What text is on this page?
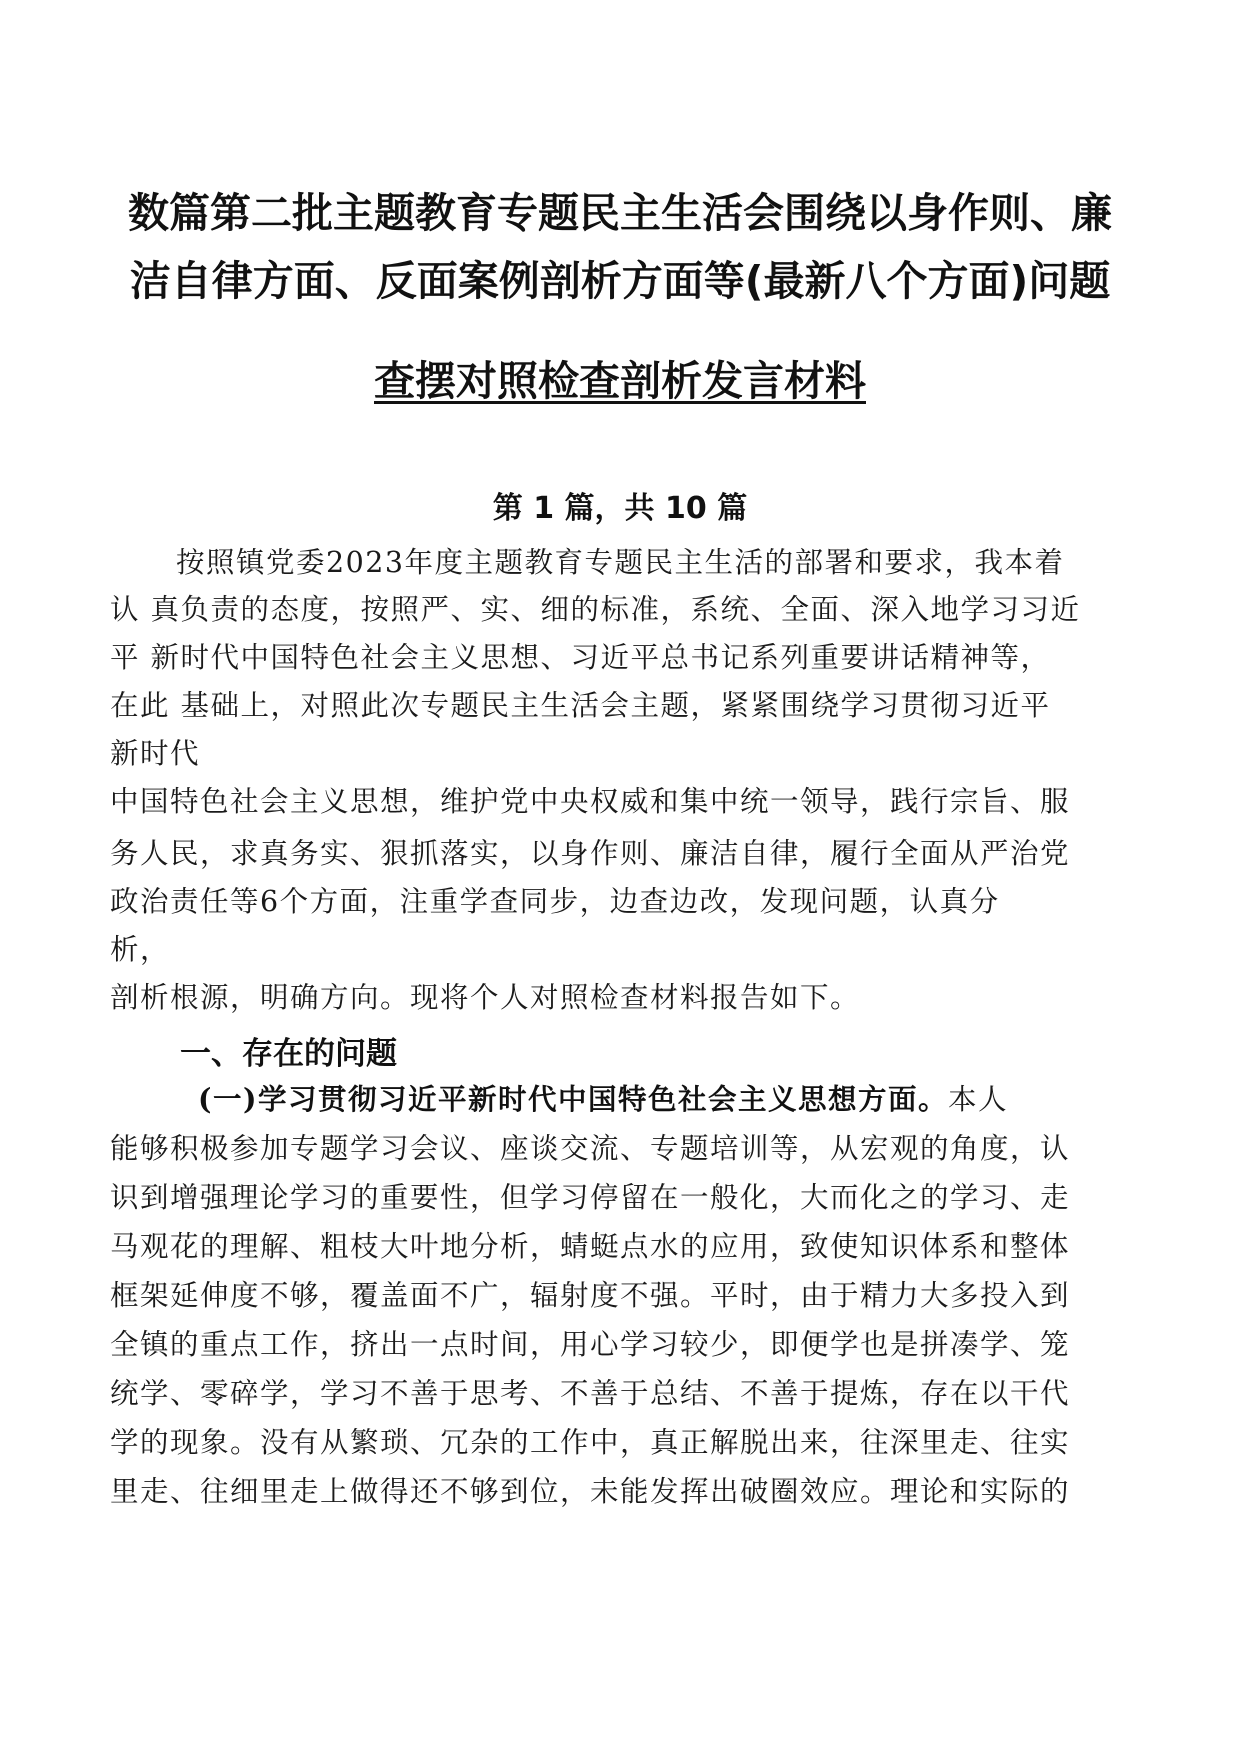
数篇第二批主题教育专题民主生活会围绕以身作则、廉
洁自律方面、反面案例剖析方面等(最新八个方面)问题
查摆对照检查剖析发言材料
第 1 篇，共 10 篇
按照镇党委2023年度主题教育专题民主生活的部署和要求，我本着
认 真负责的态度，按照严、实、细的标准，系统、全面、深入地学习习近
平 新时代中国特色社会主义思想、习近平总书记系列重要讲话精神等，
在此 基础上，对照此次专题民主生活会主题，紧紧围绕学习贯彻习近平
新时代
中国特色社会主义思想，维护党中央权威和集中统一领导，践行宗旨、服
务人民，求真务实、狠抓落实，以身作则、廉洁自律，履行全面从严治党
政治责任等6个方面，注重学查同步，边查边改，发现问题，认真分
析，
剖析根源，明确方向。现将个人对照检查材料报告如下。
一、存在的问题
(一)学习贯彻习近平新时代中国特色社会主义思想方面。本人
能够积极参加专题学习会议、座谈交流、专题培训等，从宏观的角度，认
识到增强理论学习的重要性，但学习停留在一般化，大而化之的学习、走
马观花的理解、粗枝大叶地分析，蜻蜓点水的应用，致使知识体系和整体
框架延伸度不够，覆盖面不广，辐射度不强。平时，由于精力大多投入到
全镇的重点工作，挤出一点时间，用心学习较少，即便学也是拼凑学、笼
统学、零碎学，学习不善于思考、不善于总结、不善于提炼，存在以干代
学的现象。没有从繁琐、冗杂的工作中，真正解脱出来，往深里走、往实
里走、往细里走上做得还不够到位，未能发挥出破圈效应。理论和实际的
